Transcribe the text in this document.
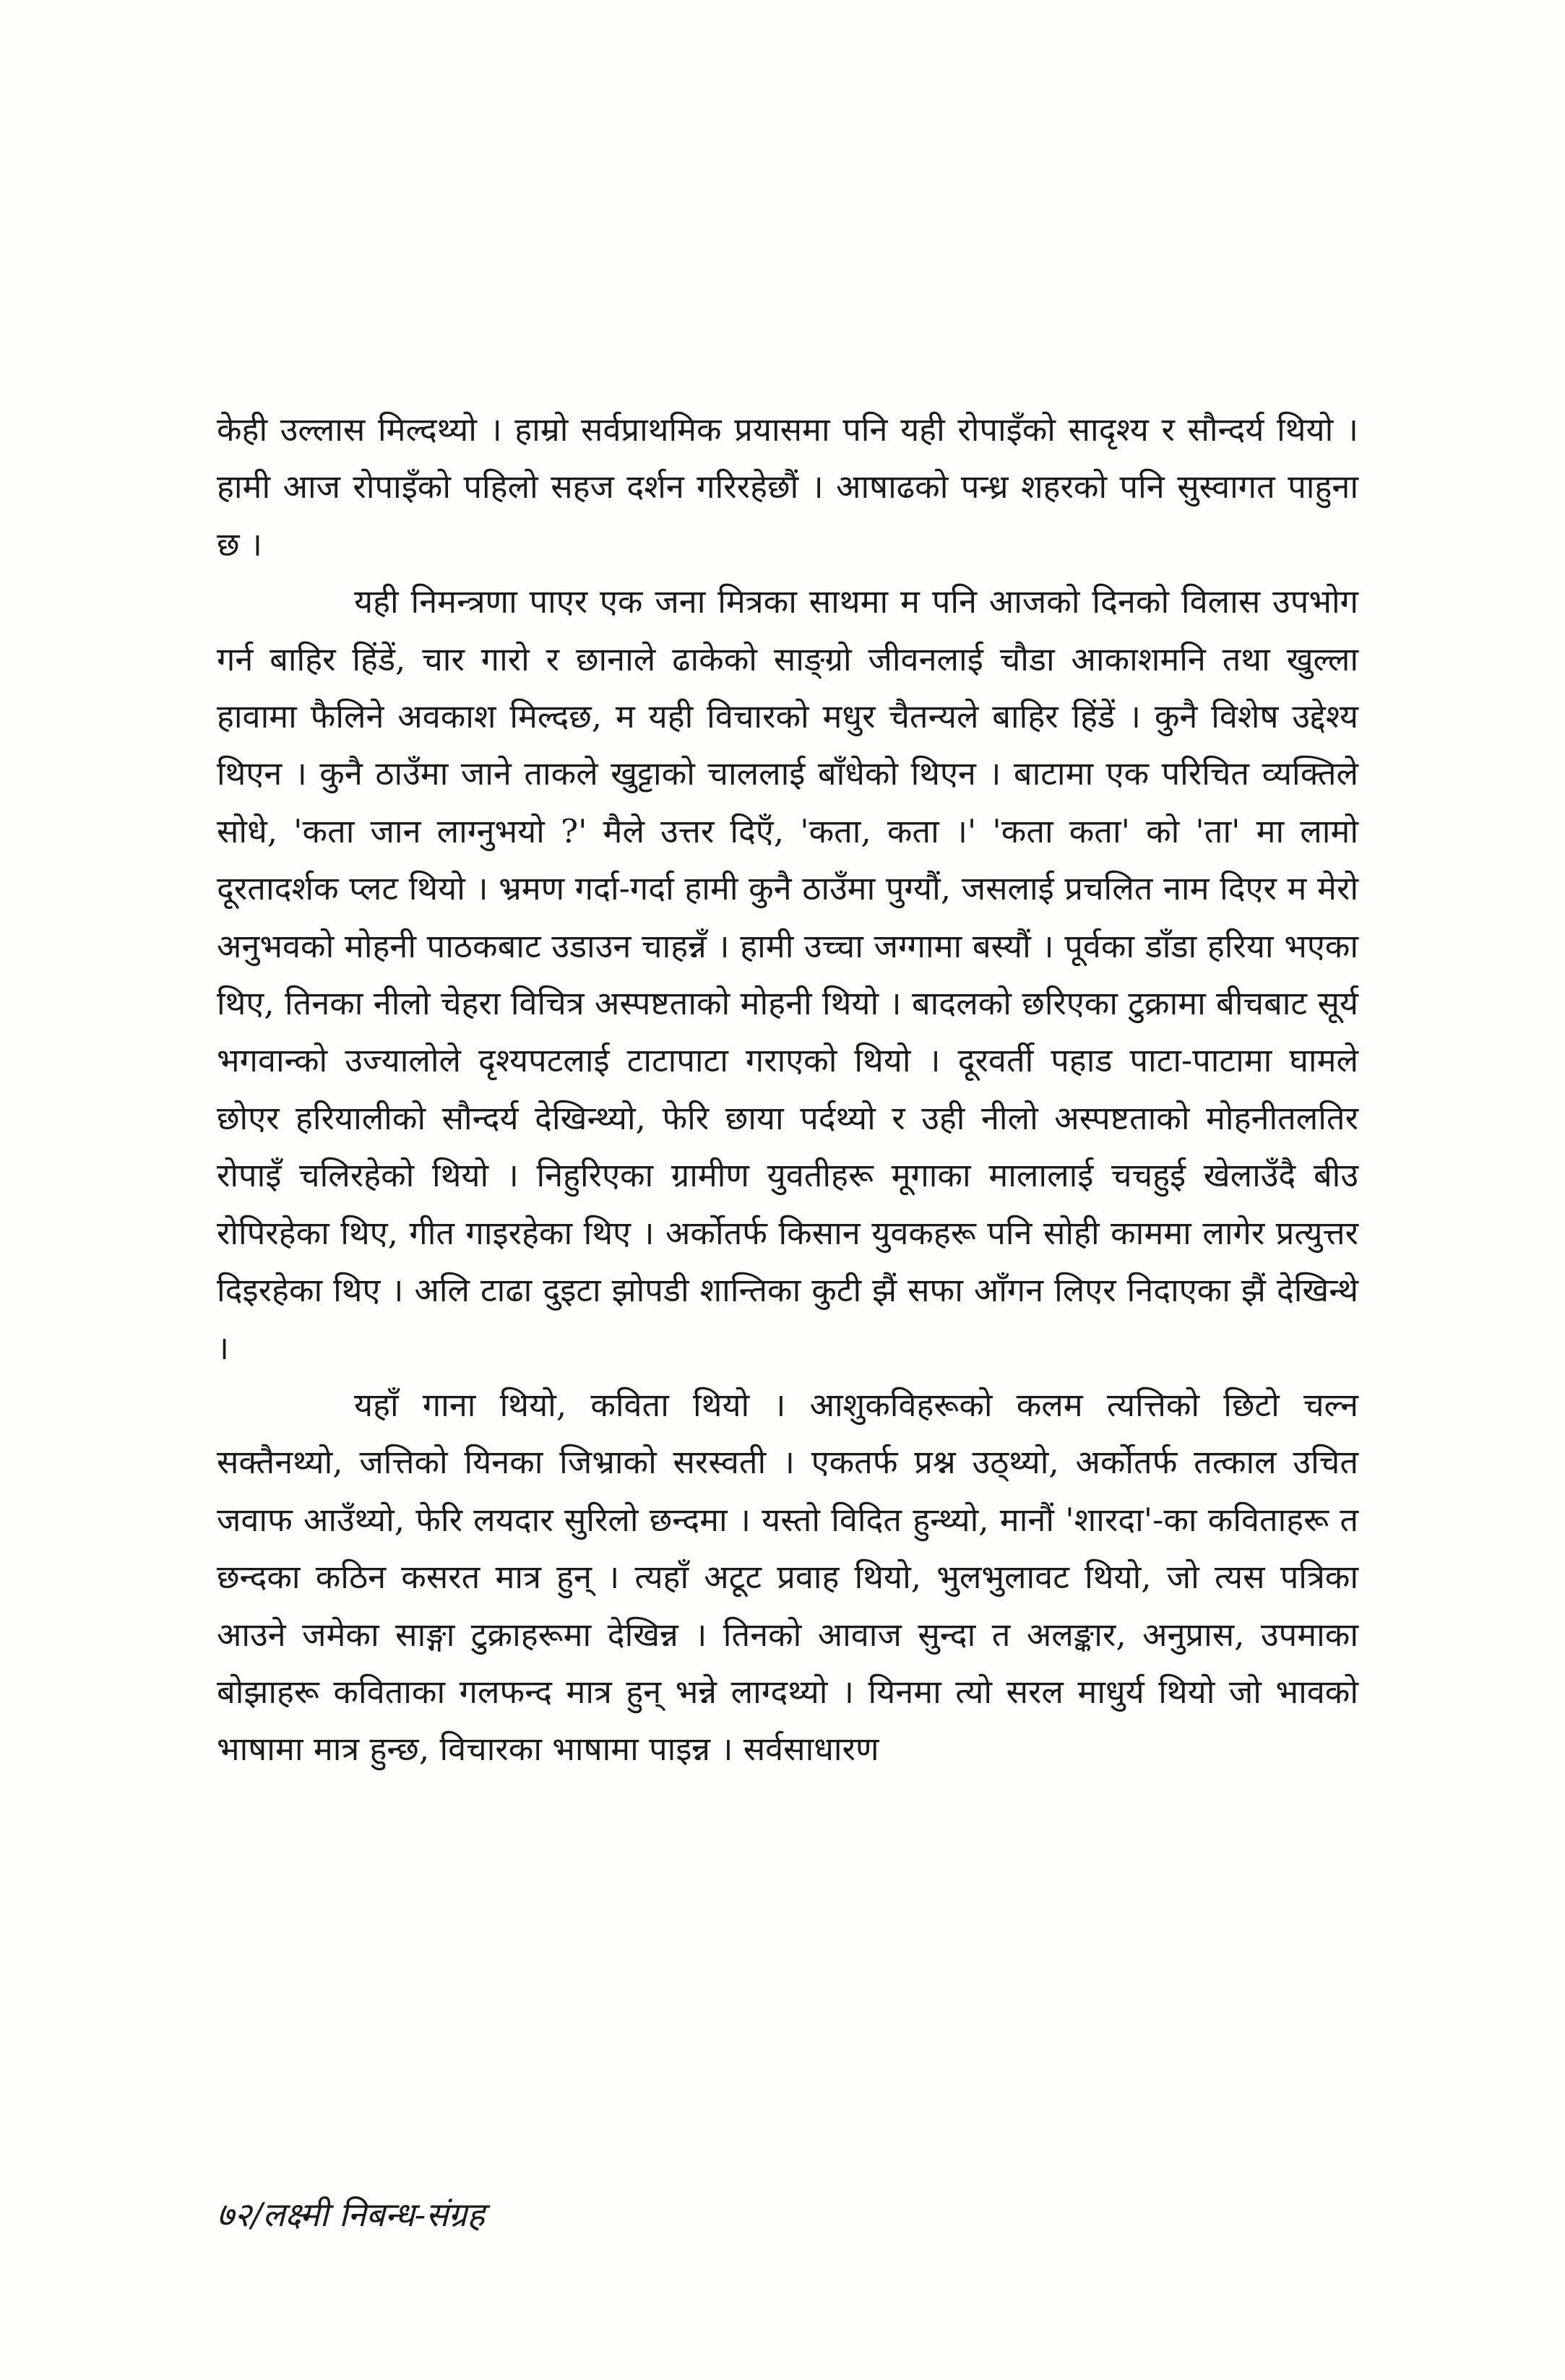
केही उल्लास मिल्दथ्यो । हाम्रो सर्वप्राथमिक प्रयासमा पनि यही रोपाइँको सादृश्य र सौन्दर्य थियो । हामी आज रोपाइँको पहिलो सहज दर्शन गरिरहेछौं । आषाढको पन्ध्र शहरको पनि सुस्वागत पाहुना छ ।

यही निमन्त्रणा पाएर एक जना मित्रका साथमा म पनि आजको दिनको विलास उपभोग गर्न बाहिर हिंडें, चार गारो र छानाले ढाकेको साङ्ग्रो जीवनलाई चौडा आकाशमनि तथा खुल्ला हावामा फैलिने अवकाश मिल्दछ, म यही विचारको मधुर चैतन्यले बाहिर हिंडें । कुनै विशेष उद्देश्य थिएन । कुनै ठाउँमा जाने ताकले खुट्टाको चाललाई बाँधेको थिएन । बाटामा एक परिचित व्यक्तिले सोधे, 'कता जान लाग्नुभयो ?' मैले उत्तर दिएँ, 'कता, कता ।' 'कता कता' को 'ता' मा लामो दूरतादर्शक प्लट थियो । भ्रमण गर्दा-गर्दा हामी कुनै ठाउँमा पुग्यौं, जसलाई प्रचलित नाम दिएर म मेरो अनुभवको मोहनी पाठकबाट उडाउन चाहन्नँ । हामी उच्चा जग्गामा बस्यौं । पूर्वका डाँडा हरिया भएका थिए, तिनका नीलो चेहरा विचित्र अस्पष्टताको मोहनी थियो । बादलको छरिएका टुक्रामा बीचबाट सूर्य भगवान्को उज्यालोले दृश्यपटलाई टाटापाटा गराएको थियो । दूरवर्ती पहाड पाटा-पाटामा घामले छोएर हरियालीको सौन्दर्य देखिन्थ्यो, फेरि छाया पर्दथ्यो र उही नीलो अस्पष्टताको मोहनीतलतिर रोपाइँ चलिरहेको थियो । निहुरिएका ग्रामीण युवतीहरू मूगाका मालालाई चचहुई खेलाउँदै बीउ रोपिरहेका थिए, गीत गाइरहेका थिए । अर्कोतर्फ किसान युवकहरू पनि सोही काममा लागेर प्रत्युत्तर दिइरहेका थिए । अलि टाढा दुइटा झोपडी शान्तिका कुटी झैं सफा आँगन लिएर निदाएका झैं देखिन्थे ।

यहाँ गाना थियो, कविता थियो । आशुकविहरूको कलम त्यत्तिको छिटो चल्न सक्तैनथ्यो, जत्तिको यिनका जिभ्राको सरस्वती । एकतर्फ प्रश्न उठ्थ्यो, अर्कोतर्फ तत्काल उचित जवाफ आउँथ्यो, फेरि लयदार सुरिलो छन्दमा । यस्तो विदित हुन्थ्यो, मानौं 'शारदा'-का कविताहरू त छन्दका कठिन कसरत मात्र हुन् । त्यहाँ अटूट प्रवाह थियो, भुलभुलावट थियो, जो त्यस पत्रिका आउने जमेका साङ्गा टुक्राहरूमा देखिन्न । तिनको आवाज सुन्दा त अलङ्कार, अनुप्रास, उपमाका बोझाहरू कविताका गलफन्द मात्र हुन् भन्ने लाग्दथ्यो । यिनमा त्यो सरल माधुर्य थियो जो भावको भाषामा मात्र हुन्छ, विचारका भाषामा पाइन्न । सर्वसाधारण

७२/लक्ष्मी निबन्ध-संग्रह
